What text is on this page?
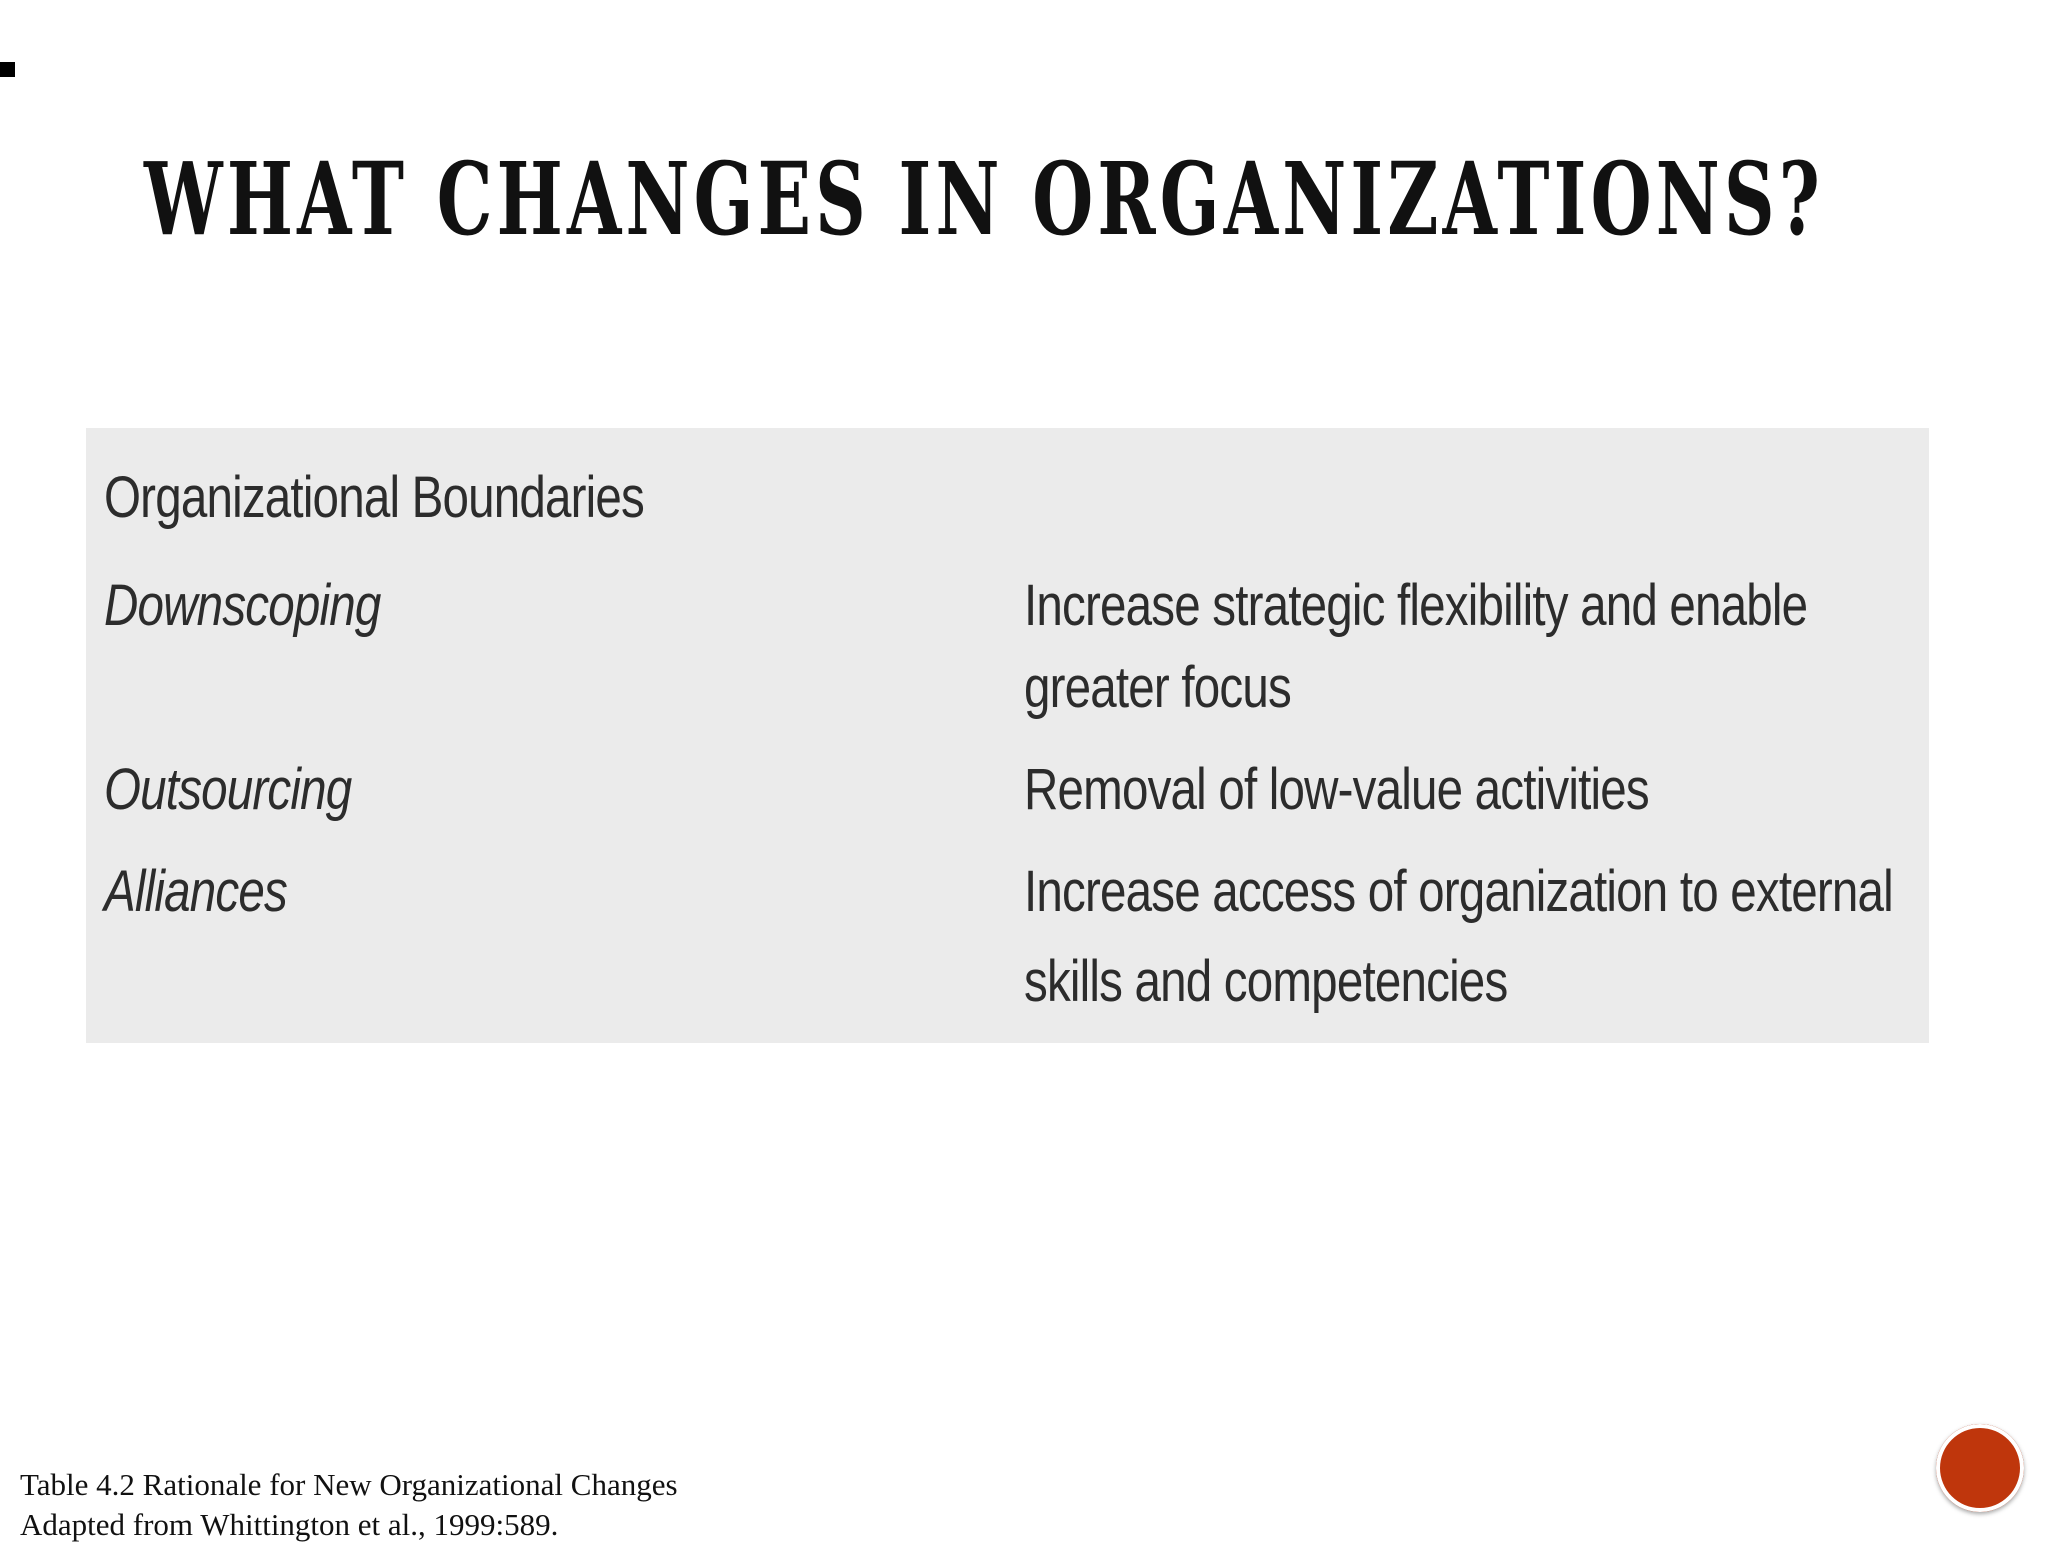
WHAT CHANGES IN ORGANIZATIONS?
Organizational Boundaries
Downscoping	Increase strategic flexibility and enable
greater focus
Outsourcing	Removal of low-value activities
Alliances	Increase access of organization to external
skills and competencies
Table 4.2 Rationale for New Organizational Changes
Adapted from Whittington et al., 1999:589.
